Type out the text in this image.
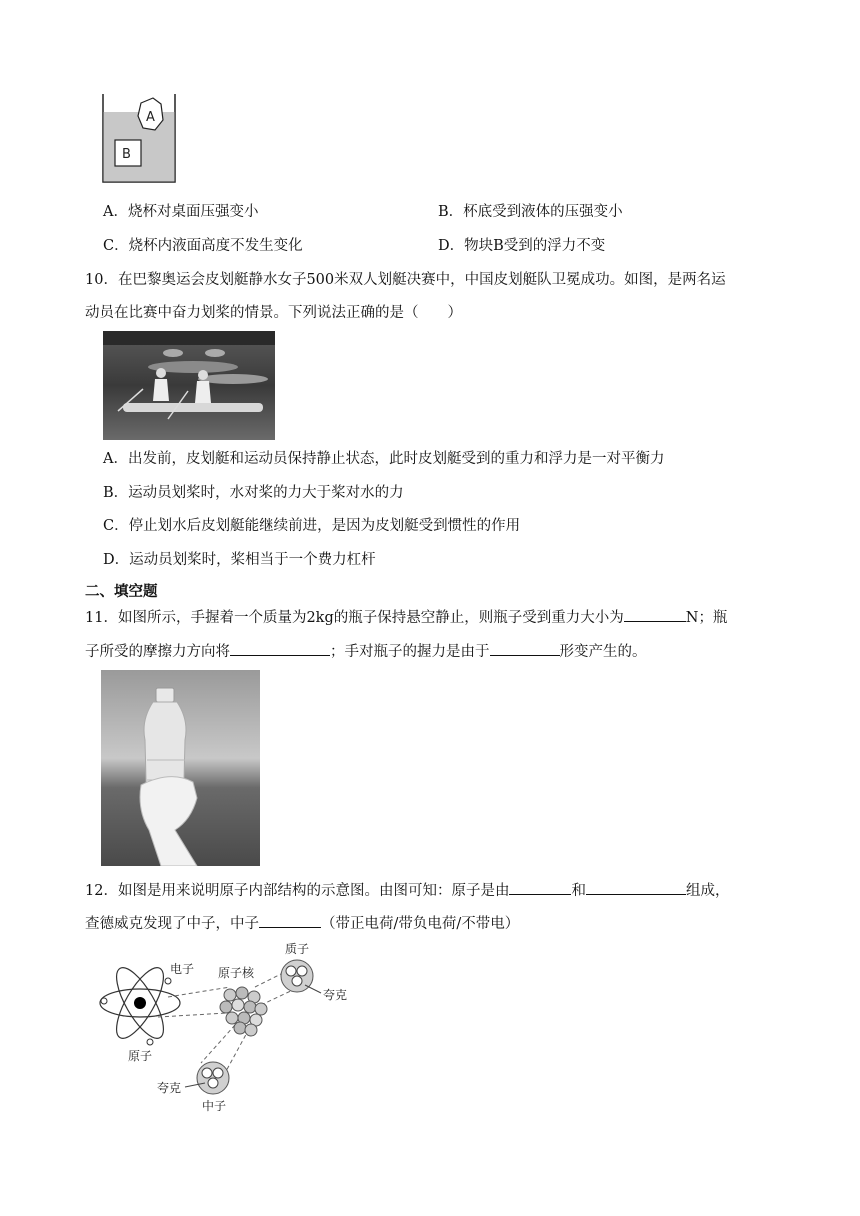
A
B
A．烧杯对桌面压强变小	B．杯底受到液体的压强变小
C．烧杯内液面高度不发生变化	D．物块B受到的浮力不变
10．在巴黎奥运会皮划艇静水女子500米双人划艇决赛中，中国皮划艇队卫冕成功。如图，是两名运
动员在比赛中奋力划桨的情景。下列说法正确的是（　　）
A．出发前，皮划艇和运动员保持静止状态，此时皮划艇受到的重力和浮力是一对平衡力
B．运动员划桨时，水对桨的力大于桨对水的力
C．停止划水后皮划艇能继续前进，是因为皮划艇受到惯性的作用
D．运动员划桨时，桨相当于一个费力杠杆
二、填空题
11．如图所示，手握着一个质量为2kg的瓶子保持悬空静止，则瓶子受到重力大小为	N；瓶
子所受的摩擦力方向将	；手对瓶子的握力是由于	形变产生的。
12．如图是用来说明原子内部结构的示意图。由图可知：原子是由	和	组成，
查德威克发现了中子，中子	（带正电荷/带负电荷/不带电）
电子 原子核
质子
夸克
原子
夸克
中子
